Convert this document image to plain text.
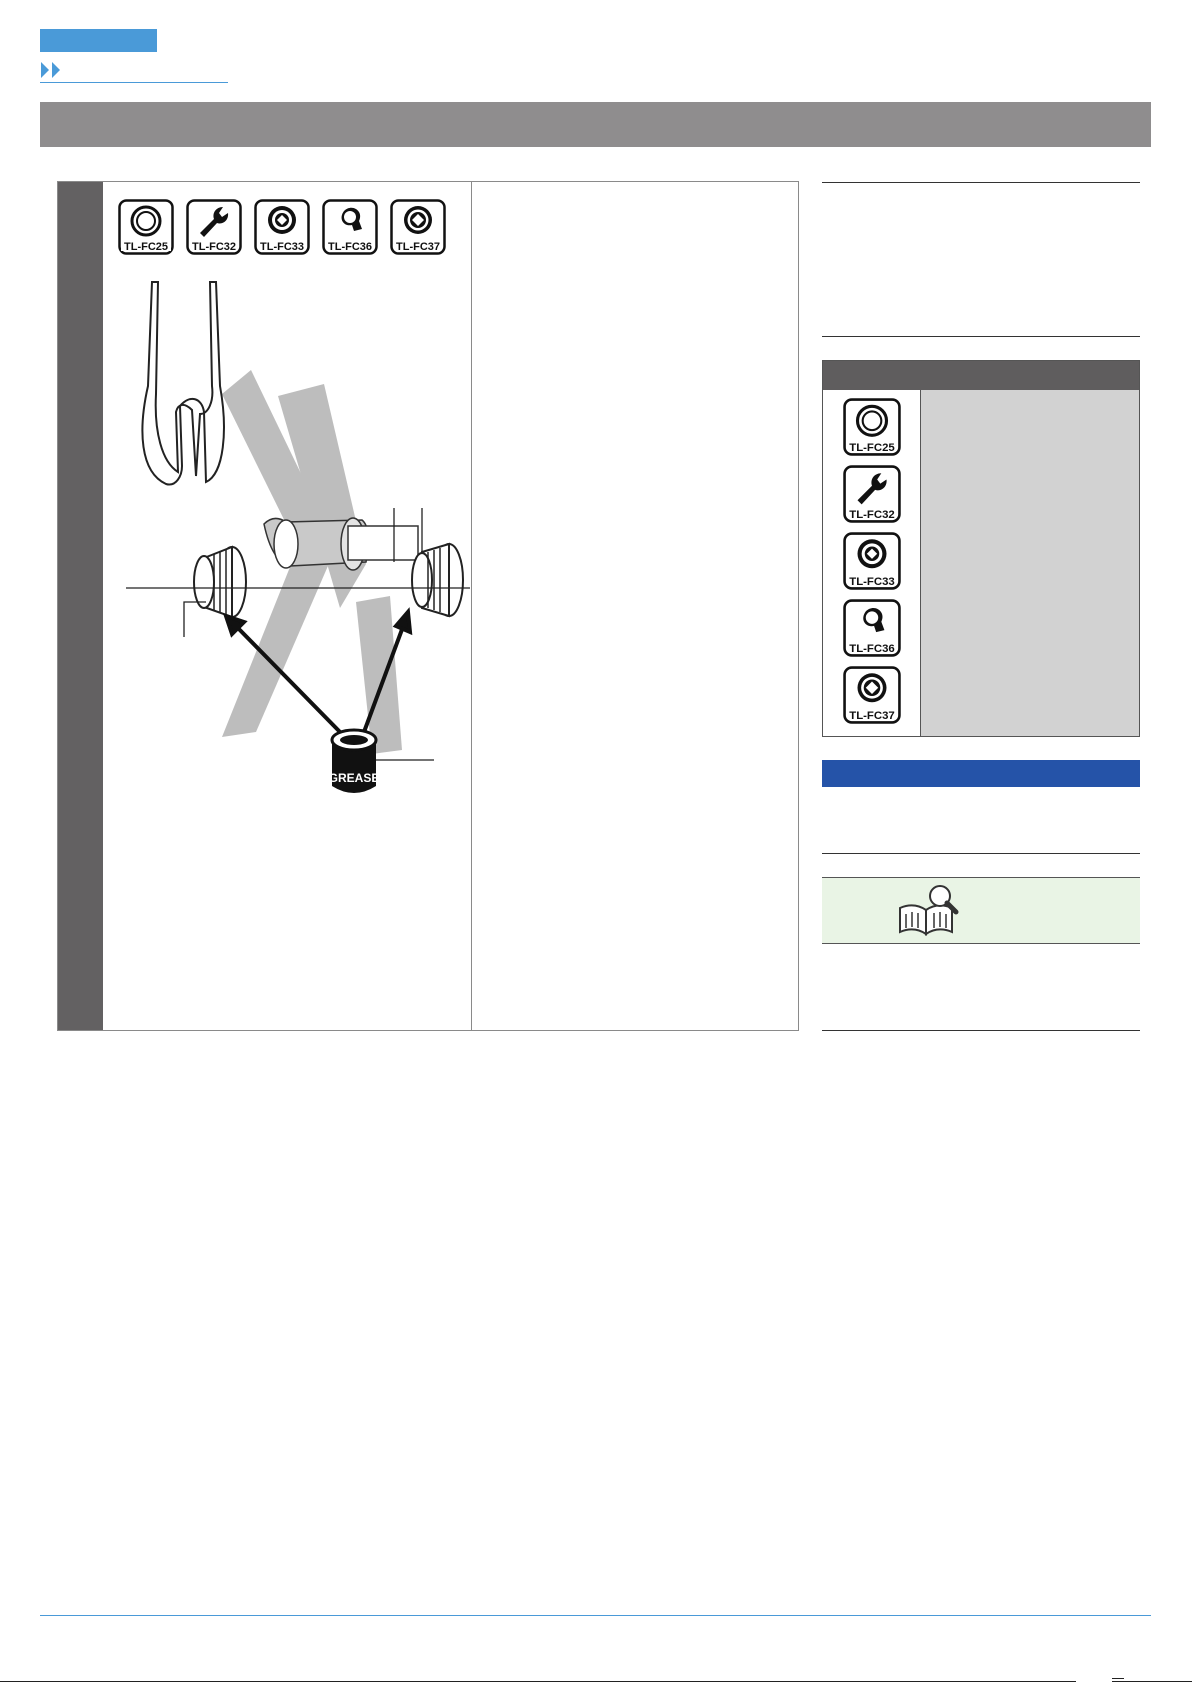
TL-FC25 TL-FC32 TL-FC33 TL-FC36 TL-FC37
GREASE
TL-FC25
TL-FC32
TL-FC33
TL-FC36
TL-FC37
